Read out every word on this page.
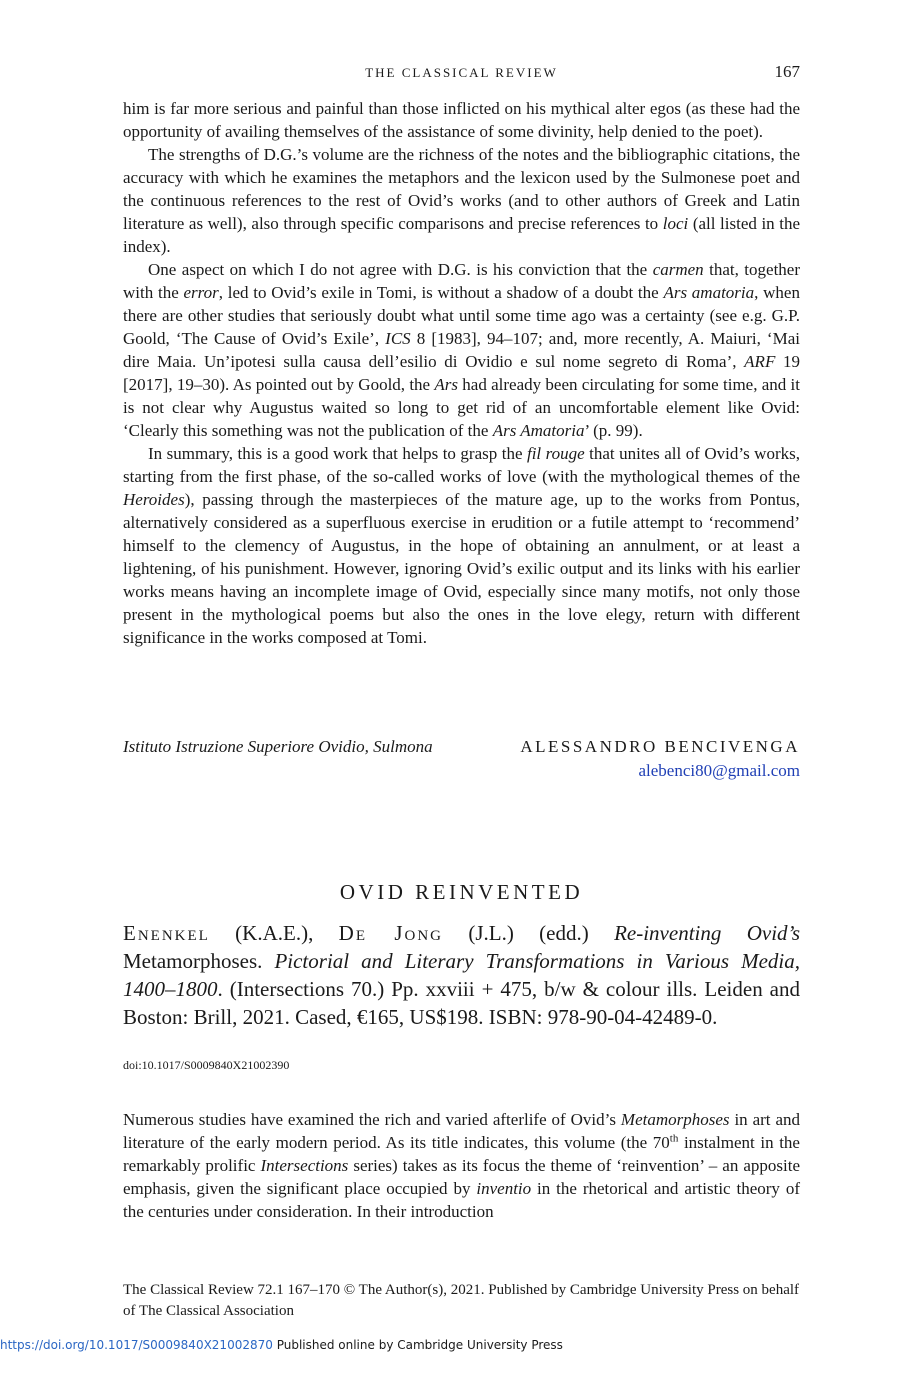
THE CLASSICAL REVIEW	167

him is far more serious and painful than those inflicted on his mythical alter egos (as these had the opportunity of availing themselves of the assistance of some divinity, help denied to the poet).

The strengths of D.G.’s volume are the richness of the notes and the bibliographic citations, the accuracy with which he examines the metaphors and the lexicon used by the Sulmonese poet and the continuous references to the rest of Ovid’s works (and to other authors of Greek and Latin literature as well), also through specific comparisons and precise references to loci (all listed in the index).

One aspect on which I do not agree with D.G. is his conviction that the carmen that, together with the error, led to Ovid’s exile in Tomi, is without a shadow of a doubt the Ars amatoria, when there are other studies that seriously doubt what until some time ago was a certainty (see e.g. G.P. Goold, ‘The Cause of Ovid’s Exile’, ICS 8 [1983], 94–107; and, more recently, A. Maiuri, ‘Mai dire Maia. Un’ipotesi sulla causa dell’esilio di Ovidio e sul nome segreto di Roma’, ARF 19 [2017], 19–30). As pointed out by Goold, the Ars had already been circulating for some time, and it is not clear why Augustus waited so long to get rid of an uncomfortable element like Ovid: ‘Clearly this something was not the publication of the Ars Amatoria’ (p. 99).

In summary, this is a good work that helps to grasp the fil rouge that unites all of Ovid’s works, starting from the first phase, of the so-called works of love (with the mythological themes of the Heroides), passing through the masterpieces of the mature age, up to the works from Pontus, alternatively considered as a superfluous exercise in erudition or a futile attempt to ‘recommend’ himself to the clemency of Augustus, in the hope of obtaining an annulment, or at least a lightening, of his punishment. However, ignoring Ovid’s exilic output and its links with his earlier works means having an incomplete image of Ovid, especially since many motifs, not only those present in the mythological poems but also the ones in the love elegy, return with different significance in the works composed at Tomi.

Istituto Istruzione Superiore Ovidio, Sulmona	ALESSANDRO BENCIVENGA
alebenci80@gmail.com
OVID REINVENTED
Enenkel (K.A.E.), De Jong (J.L.) (edd.) Re-inventing Ovid’s Metamorphoses. Pictorial and Literary Transformations in Various Media, 1400–1800. (Intersections 70.) Pp. xxviii + 475, b/w & colour ills. Leiden and Boston: Brill, 2021. Cased, €165, US$198. ISBN: 978-90-04-42489-0.
doi:10.1017/S0009840X21002390

Numerous studies have examined the rich and varied afterlife of Ovid’s Metamorphoses in art and literature of the early modern period. As its title indicates, this volume (the 70th instalment in the remarkably prolific Intersections series) takes as its focus the theme of ‘reinvention’ – an apposite emphasis, given the significant place occupied by inventio in the rhetorical and artistic theory of the centuries under consideration. In their introduction

The Classical Review 72.1 167–170 © The Author(s), 2021. Published by Cambridge University Press on behalf of The Classical Association
https://doi.org/10.1017/S0009840X21002870 Published online by Cambridge University Press
